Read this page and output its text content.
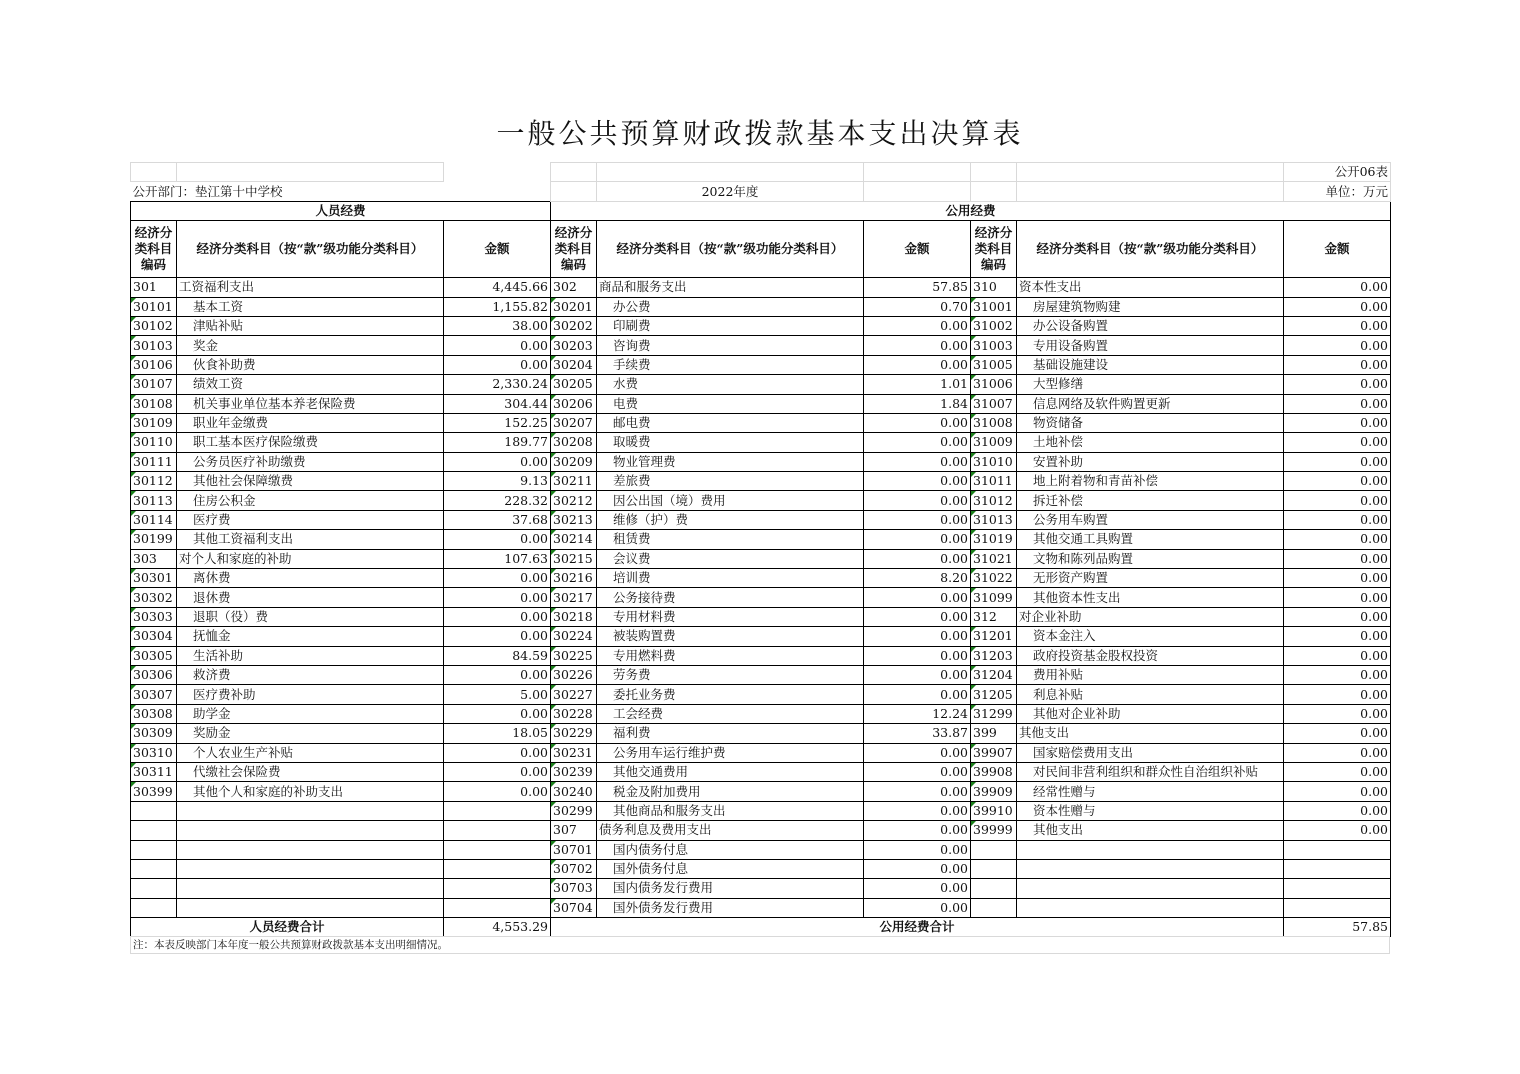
一般公共预算财政拨款基本支出决算表
								公开06表
公开部门：垫江第十中学校				2022年度				单位：万元
人员经费			公用经费					
经济分类科目编码	经济分类科目（按“款”级功能分类科目）	金额	经济分类科目编码	经济分类科目（按“款”级功能分类科目）	金额	经济分类科目编码	经济分类科目（按“款”级功能分类科目）	金额
301	工资福利支出	4,445.66	302	商品和服务支出	57.85	310	资本性支出	0.00
30101	基本工资	1,155.82	30201	办公费	0.70	31001	房屋建筑物购建	0.00
30102	津贴补贴	38.00	30202	印刷费	0.00	31002	办公设备购置	0.00
30103	奖金	0.00	30203	咨询费	0.00	31003	专用设备购置	0.00
30106	伙食补助费	0.00	30204	手续费	0.00	31005	基础设施建设	0.00
30107	绩效工资	2,330.24	30205	水费	1.01	31006	大型修缮	0.00
30108	机关事业单位基本养老保险费	304.44	30206	电费	1.84	31007	信息网络及软件购置更新	0.00
30109	职业年金缴费	152.25	30207	邮电费	0.00	31008	物资储备	0.00
30110	职工基本医疗保险缴费	189.77	30208	取暖费	0.00	31009	土地补偿	0.00
30111	公务员医疗补助缴费	0.00	30209	物业管理费	0.00	31010	安置补助	0.00
30112	其他社会保障缴费	9.13	30211	差旅费	0.00	31011	地上附着物和青苗补偿	0.00
30113	住房公积金	228.32	30212	因公出国（境）费用	0.00	31012	拆迁补偿	0.00
30114	医疗费	37.68	30213	维修（护）费	0.00	31013	公务用车购置	0.00
30199	其他工资福利支出	0.00	30214	租赁费	0.00	31019	其他交通工具购置	0.00
303	对个人和家庭的补助	107.63	30215	会议费	0.00	31021	文物和陈列品购置	0.00
30301	离休费	0.00	30216	培训费	8.20	31022	无形资产购置	0.00
30302	退休费	0.00	30217	公务接待费	0.00	31099	其他资本性支出	0.00
30303	退职（役）费	0.00	30218	专用材料费	0.00	312	对企业补助	0.00
30304	抚恤金	0.00	30224	被装购置费	0.00	31201	资本金注入	0.00
30305	生活补助	84.59	30225	专用燃料费	0.00	31203	政府投资基金股权投资	0.00
30306	救济费	0.00	30226	劳务费	0.00	31204	费用补贴	0.00
30307	医疗费补助	5.00	30227	委托业务费	0.00	31205	利息补贴	0.00
30308	助学金	0.00	30228	工会经费	12.24	31299	其他对企业补助	0.00
30309	奖励金	18.05	30229	福利费	33.87	399	其他支出	0.00
30310	个人农业生产补贴	0.00	30231	公务用车运行维护费	0.00	39907	国家赔偿费用支出	0.00
30311	代缴社会保险费	0.00	30239	其他交通费用	0.00	39908	对民间非营利组织和群众性自治组织补贴	0.00
30399	其他个人和家庭的补助支出	0.00	30240	税金及附加费用	0.00	39909	经常性赠与	0.00
			30299	其他商品和服务支出	0.00	39910	资本性赠与	0.00
			307	债务利息及费用支出	0.00	39999	其他支出	0.00
			30701	国内债务付息	0.00			
			30702	国外债务付息	0.00			
			30703	国内债务发行费用	0.00			
			30704	国外债务发行费用	0.00			
人员经费合计		4,553.29	公用经费合计					57.85
注：本表反映部门本年度一般公共预算财政拨款基本支出明细情况。
